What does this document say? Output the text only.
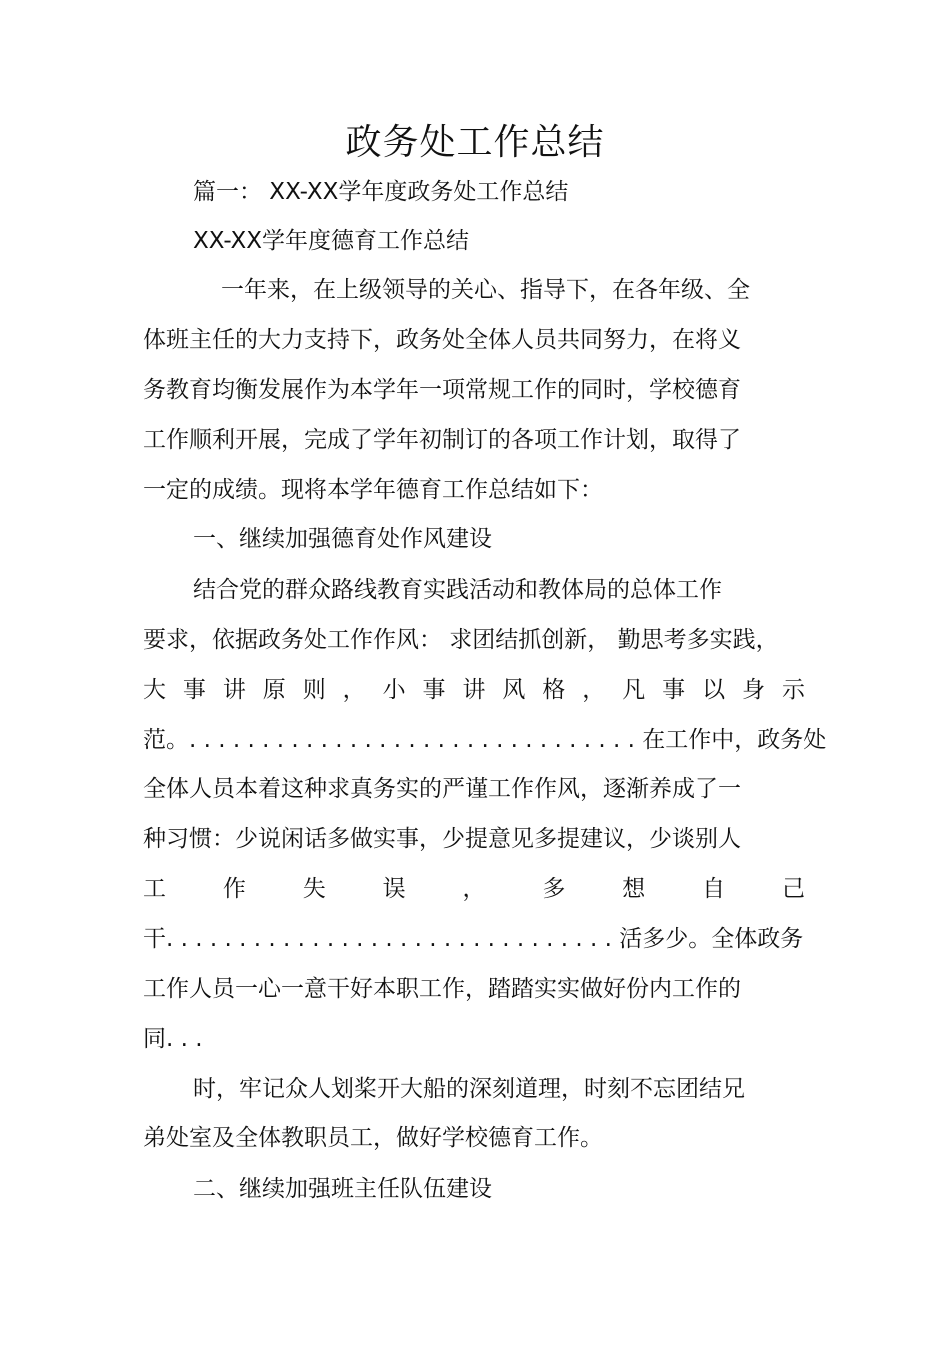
政务处工作总结
篇一： XX-XX学年度政务处工作总结
XX-XX学年度德育工作总结
一年来，在上级领导的关心、指导下，在各年级、全
体班主任的大力支持下，政务处全体人员共同努力，在将义
务教育均衡发展作为本学年一项常规工作的同时，学校德育
工作顺利开展，完成了学年初制订的各项工作计划，取得了
一定的成绩。现将本学年德育工作总结如下：
一、继续加强德育处作风建设
结合党的群众路线教育实践活动和教体局的总体工作
要求，依据政务处工作作风： 求团结抓创新， 勤思考多实践，
大 事 讲 原 则 ， 小 事 讲 风 格 ， 凡 事 以 身 示
范。. . . . . . . . . . . . . . . . . . . . . . . . . . . . . . . 在工作中，政务处
全体人员本着这种求真务实的严谨工作作风，逐渐养成了一
种习惯：少说闲话多做实事，少提意见多提建议，少谈别人
工 作 失 误 ， 多 想 自 己
干. . . . . . . . . . . . . . . . . . . . . . . . . . . . . . . 活多少。全体政务
工作人员一心一意干好本职工作，踏踏实实做好份内工作的
同. . .
时，牢记众人划桨开大船的深刻道理，时刻不忘团结兄
弟处室及全体教职员工，做好学校德育工作。
二、继续加强班主任队伍建设
